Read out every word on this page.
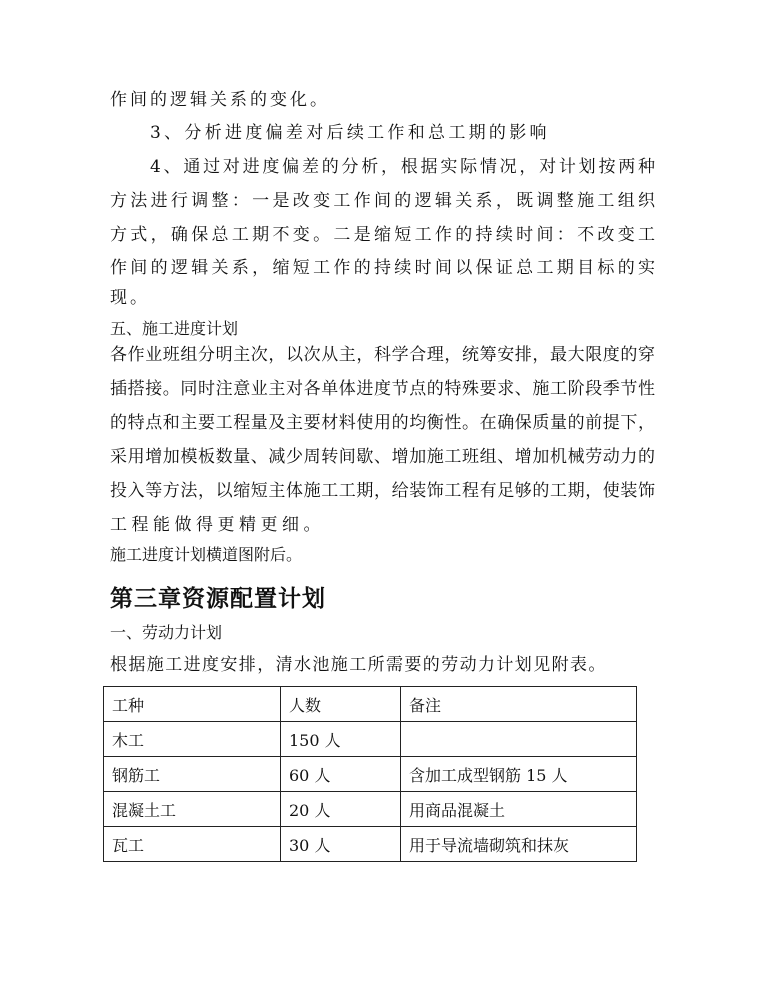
作间的逻辑关系的变化。
3、分析进度偏差对后续工作和总工期的影响
4、通过对进度偏差的分析，根据实际情况，对计划按两种
方法进行调整：一是改变工作间的逻辑关系，既调整施工组织
方式，确保总工期不变。二是缩短工作的持续时间：不改变工
作间的逻辑关系，缩短工作的持续时间以保证总工期目标的实
现。
五、施工进度计划
各作业班组分明主次，以次从主，科学合理，统筹安排，最大限度的穿
插搭接。同时注意业主对各单体进度节点的特殊要求、施工阶段季节性
的特点和主要工程量及主要材料使用的均衡性。在确保质量的前提下，
采用增加模板数量、减少周转间歇、增加施工班组、增加机械劳动力的
投入等方法，以缩短主体施工工期，给装饰工程有足够的工期，使装饰
工程能做得更精更细。
施工进度计划横道图附后。
第三章资源配置计划
一、劳动力计划
根据施工进度安排，清水池施工所需要的劳动力计划见附表。
工种	人数	备注
木工	150 人	
钢筋工	60 人	含加工成型钢筋 15 人
混凝土工	20 人	用商品混凝土
瓦工	30 人	用于导流墙砌筑和抹灰
